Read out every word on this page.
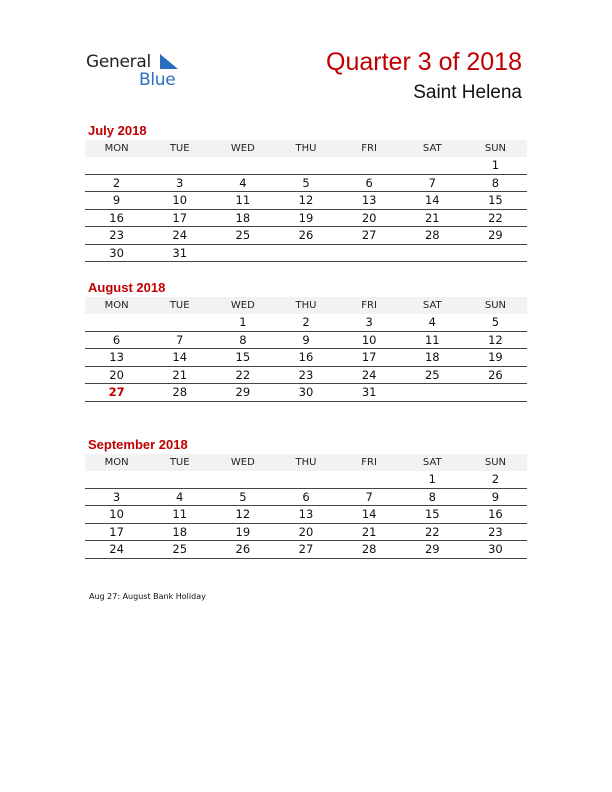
General
Blue
Quarter 3 of 2018
Saint Helena
July 2018
MON	TUE	WED	THU	FRI	SAT	SUN
						1
2	3	4	5	6	7	8
9	10	11	12	13	14	15
16	17	18	19	20	21	22
23	24	25	26	27	28	29
30	31					
August 2018
MON	TUE	WED	THU	FRI	SAT	SUN
		1	2	3	4	5
6	7	8	9	10	11	12
13	14	15	16	17	18	19
20	21	22	23	24	25	26
27	28	29	30	31		
September 2018
MON	TUE	WED	THU	FRI	SAT	SUN
					1	2
3	4	5	6	7	8	9
10	11	12	13	14	15	16
17	18	19	20	21	22	23
24	25	26	27	28	29	30
Aug 27: August Bank Holiday
